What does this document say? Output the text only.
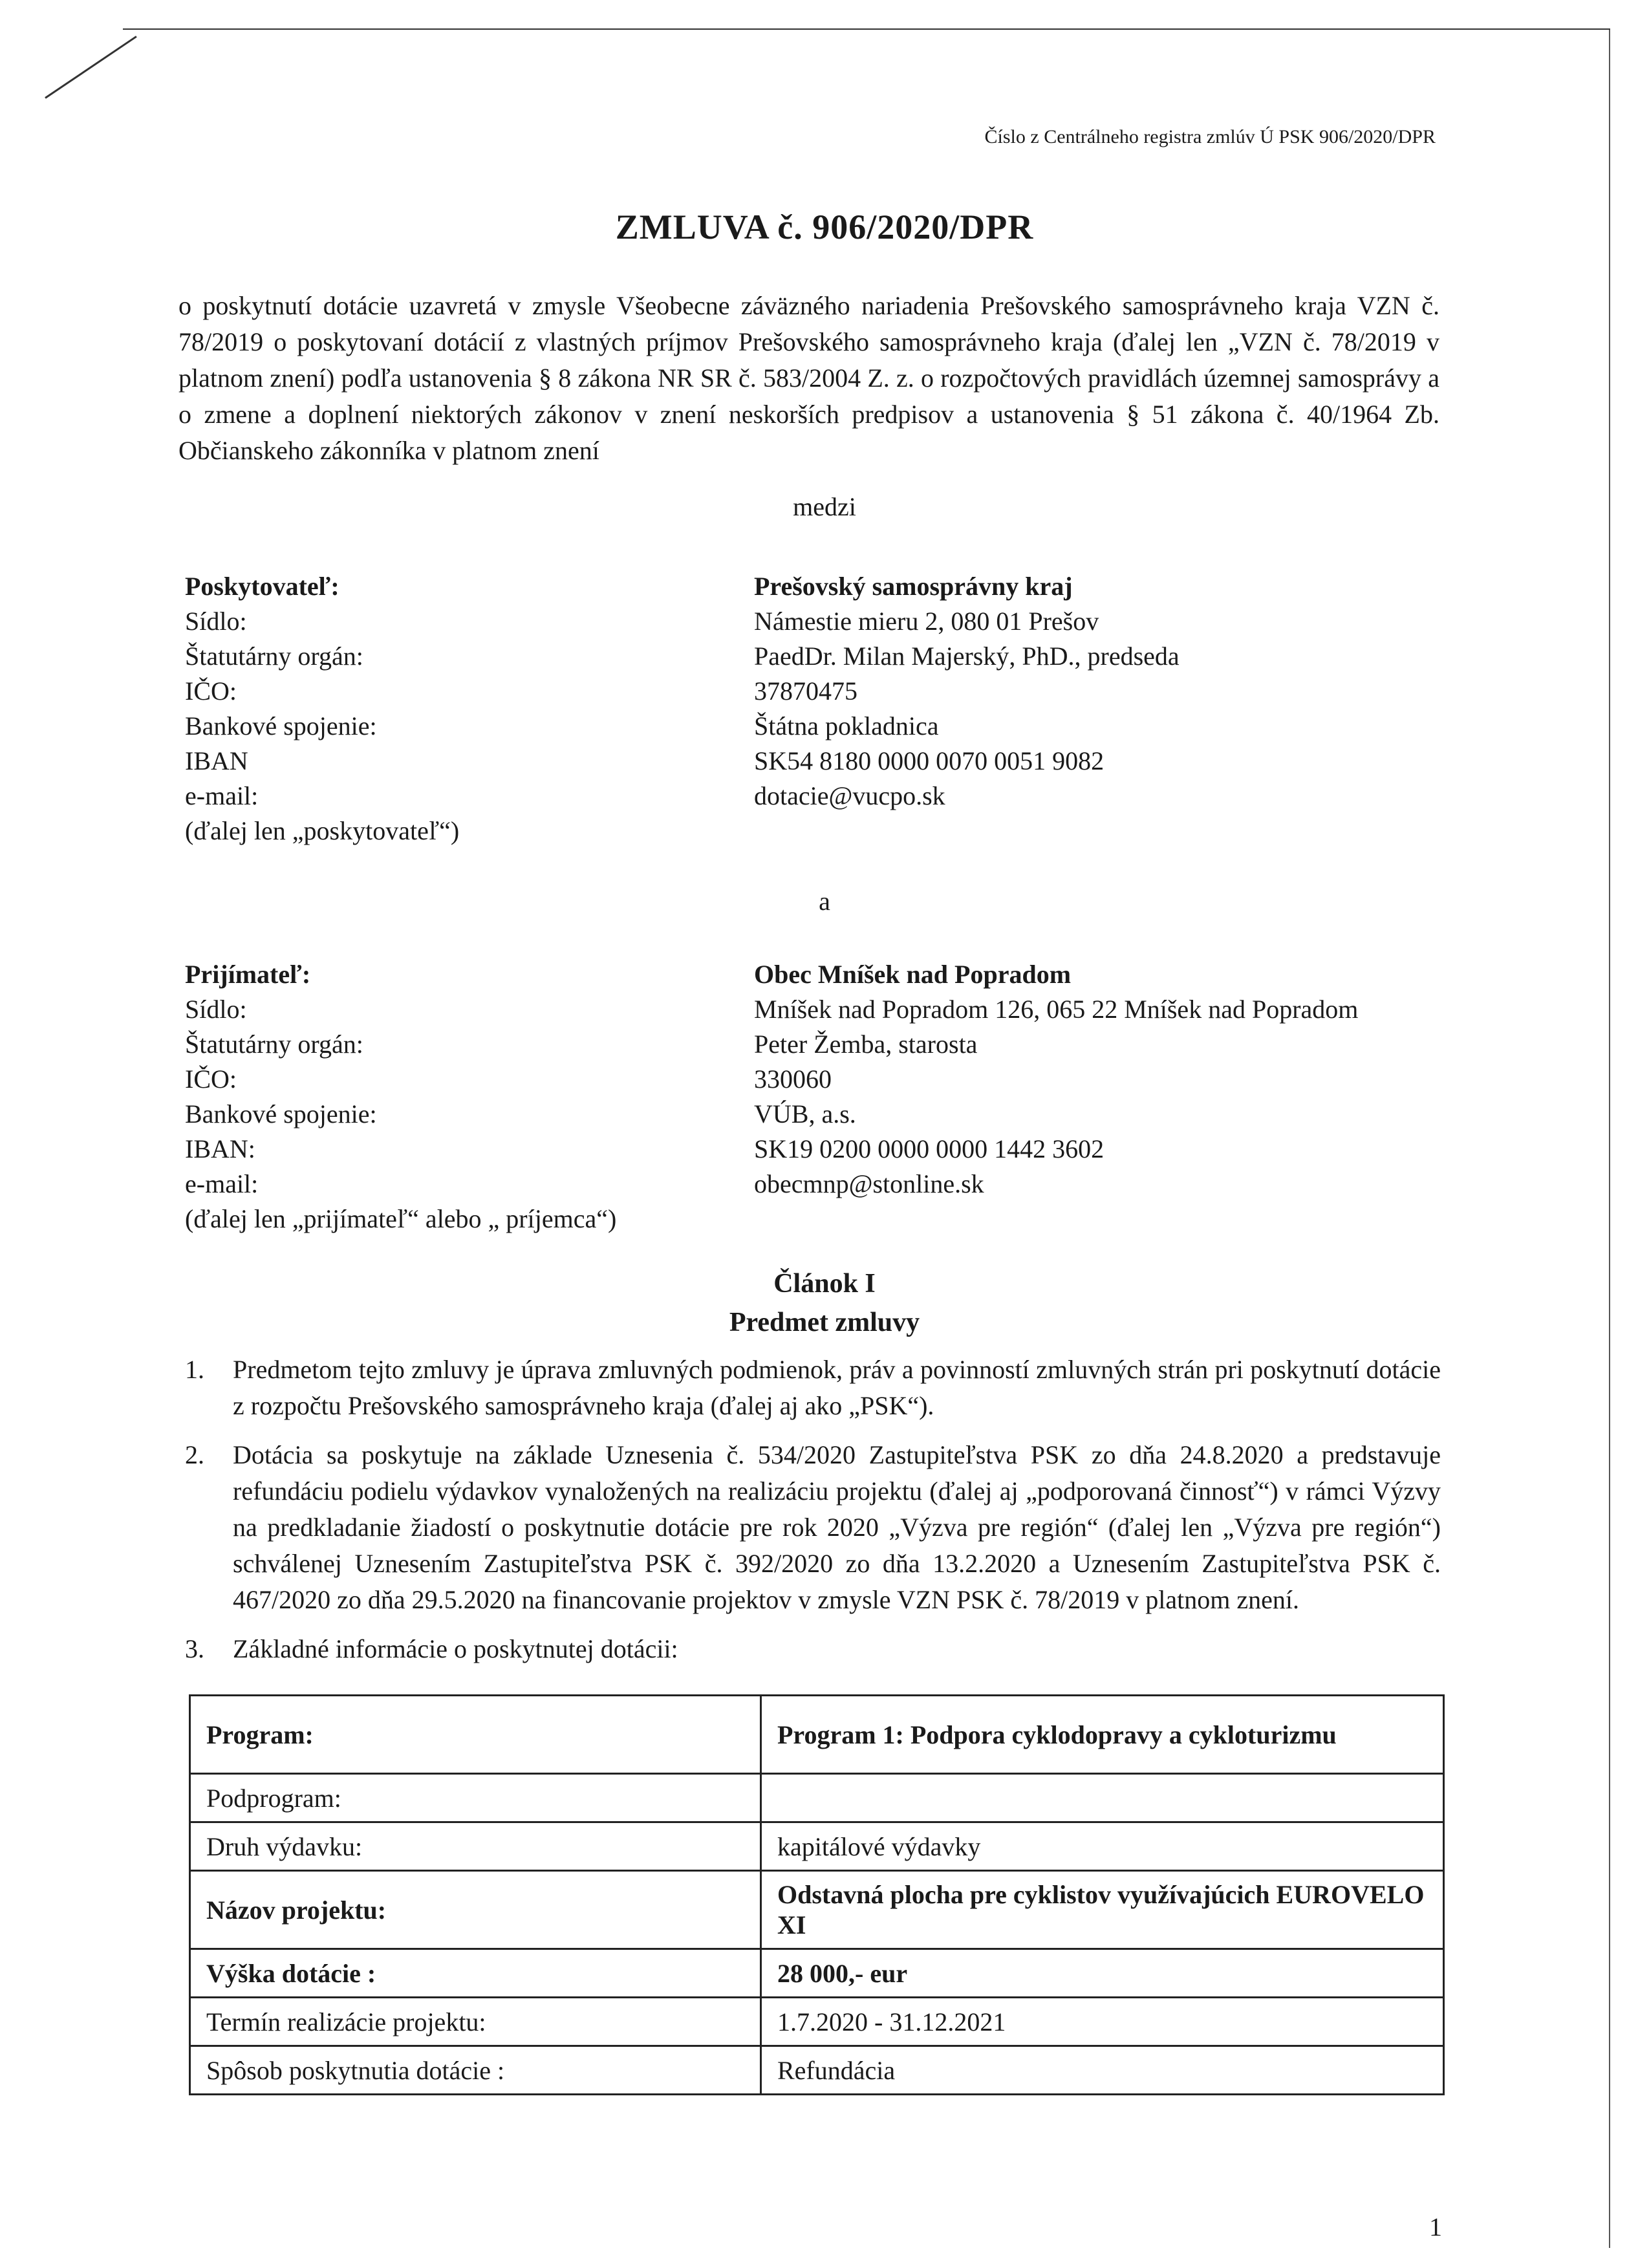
Číslo z Centrálneho registra zmlúv Ú PSK 906/2020/DPR
ZMLUVA č. 906/2020/DPR

o poskytnutí dotácie uzavretá v zmysle Všeobecne záväzného nariadenia Prešovského samosprávneho kraja VZN č. 78/2019 o poskytovaní dotácií z vlastných príjmov Prešovského samosprávneho kraja (ďalej len „VZN č. 78/2019 v platnom znení) podľa ustanovenia § 8 zákona NR SR č. 583/2004 Z. z. o rozpočtových pravidlách územnej samosprávy a o zmene a doplnení niektorých zákonov v znení neskorších predpisov a ustanovenia § 51 zákona č. 40/1964 Zb. Občianskeho zákonníka v platnom znení

medzi
Poskytovateľ:	Prešovský samosprávny kraj
Sídlo:	Námestie mieru 2, 080 01 Prešov
Štatutárny orgán:	PaedDr. Milan Majerský, PhD., predseda
IČO:	37870475
Bankové spojenie:	Štátna pokladnica
IBAN	SK54 8180 0000 0070 0051 9082
e-mail:	dotacie@vucpo.sk
(ďalej len „poskytovateľ“)
a
Prijímateľ:	Obec Mníšek nad Popradom
Sídlo:	Mníšek nad Popradom 126, 065 22 Mníšek nad Popradom
Štatutárny orgán:	Peter Žemba, starosta
IČO:	330060
Bankové spojenie:	VÚB, a.s.
IBAN:	SK19 0200 0000 0000 1442 3602
e-mail:	obecmnp@stonline.sk
(ďalej len „prijímateľ“ alebo „ príjemca“)
Článok I
Predmet zmluvy
1.	Predmetom tejto zmluvy je úprava zmluvných podmienok, práv a povinností zmluvných strán pri poskytnutí dotácie z rozpočtu Prešovského samosprávneho kraja (ďalej aj ako „PSK“).
2.	Dotácia sa poskytuje na základe Uznesenia č. 534/2020 Zastupiteľstva PSK zo dňa 24.8.2020 a predstavuje refundáciu podielu výdavkov vynaložených na realizáciu projektu (ďalej aj „podporovaná činnosť“) v rámci Výzvy na predkladanie žiadostí o poskytnutie dotácie pre rok 2020 „Výzva pre región“ (ďalej len „Výzva pre región“) schválenej Uznesením Zastupiteľstva PSK č. 392/2020 zo dňa 13.2.2020 a Uznesením Zastupiteľstva PSK č. 467/2020 zo dňa 29.5.2020 na financovanie projektov v zmysle VZN PSK č. 78/2019 v platnom znení.
3.	Základné informácie o poskytnutej dotácii:
Program:	Program 1: Podpora cyklodopravy a cykloturizmu
Podprogram:	
Druh výdavku:	kapitálové výdavky
Názov projektu:	Odstavná plocha pre cyklistov využívajúcich EUROVELO XI
Výška dotácie :	28 000,- eur
Termín realizácie projektu:	1.7.2020 - 31.12.2021
Spôsob poskytnutia dotácie :	Refundácia
1
